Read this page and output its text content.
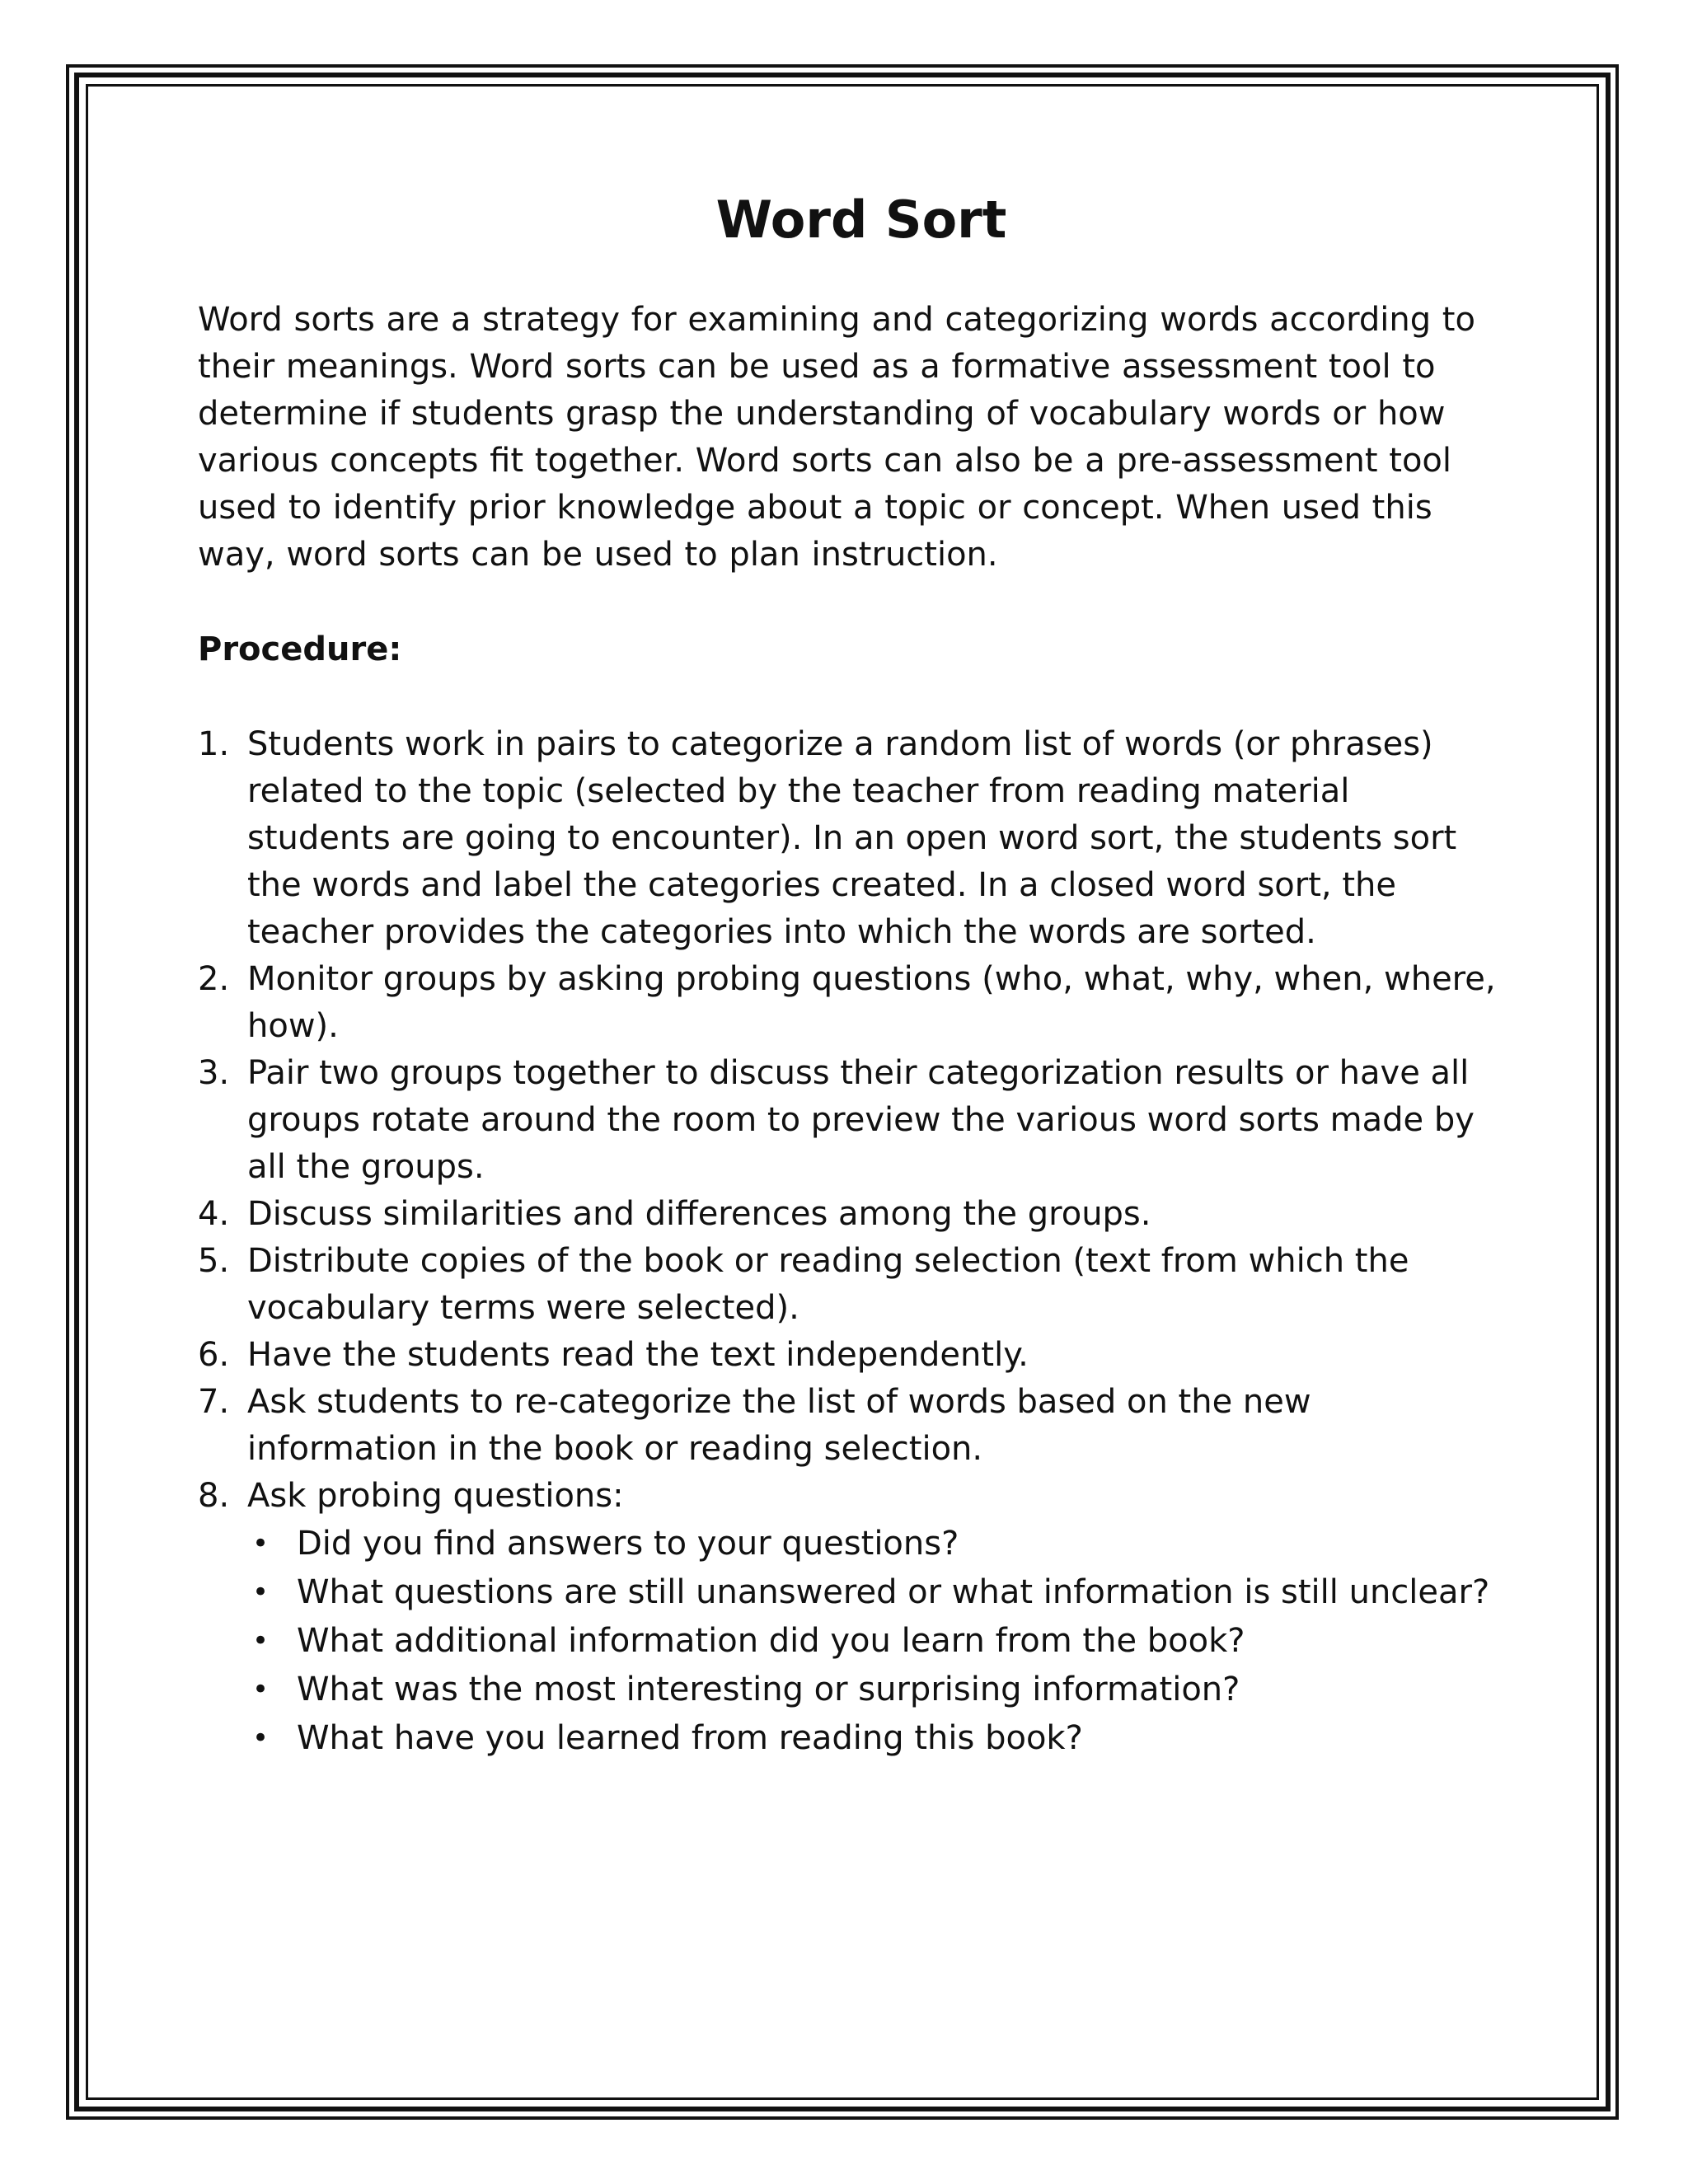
Word Sort

Word sorts are a strategy for examining and categorizing words according to their meanings. Word sorts can be used as a formative assessment tool to determine if students grasp the understanding of vocabulary words or how various concepts fit together. Word sorts can also be a pre-assessment tool used to identify prior knowledge about a topic or concept. When used this way, word sorts can be used to plan instruction.

Procedure:
1. Students work in pairs to categorize a random list of words (or phrases) related to the topic (selected by the teacher from reading material students are going to encounter). In an open word sort, the students sort the words and label the categories created. In a closed word sort, the teacher provides the categories into which the words are sorted.
2. Monitor groups by asking probing questions (who, what, why, when, where, how).
3. Pair two groups together to discuss their categorization results or have all groups rotate around the room to preview the various word sorts made by all the groups.
4. Discuss similarities and differences among the groups.
5. Distribute copies of the book or reading selection (text from which the vocabulary terms were selected).
6. Have the students read the text independently.
7. Ask students to re-categorize the list of words based on the new information in the book or reading selection.
8. Ask probing questions:
• Did you find answers to your questions?
• What questions are still unanswered or what information is still unclear?
• What additional information did you learn from the book?
• What was the most interesting or surprising information?
• What have you learned from reading this book?
